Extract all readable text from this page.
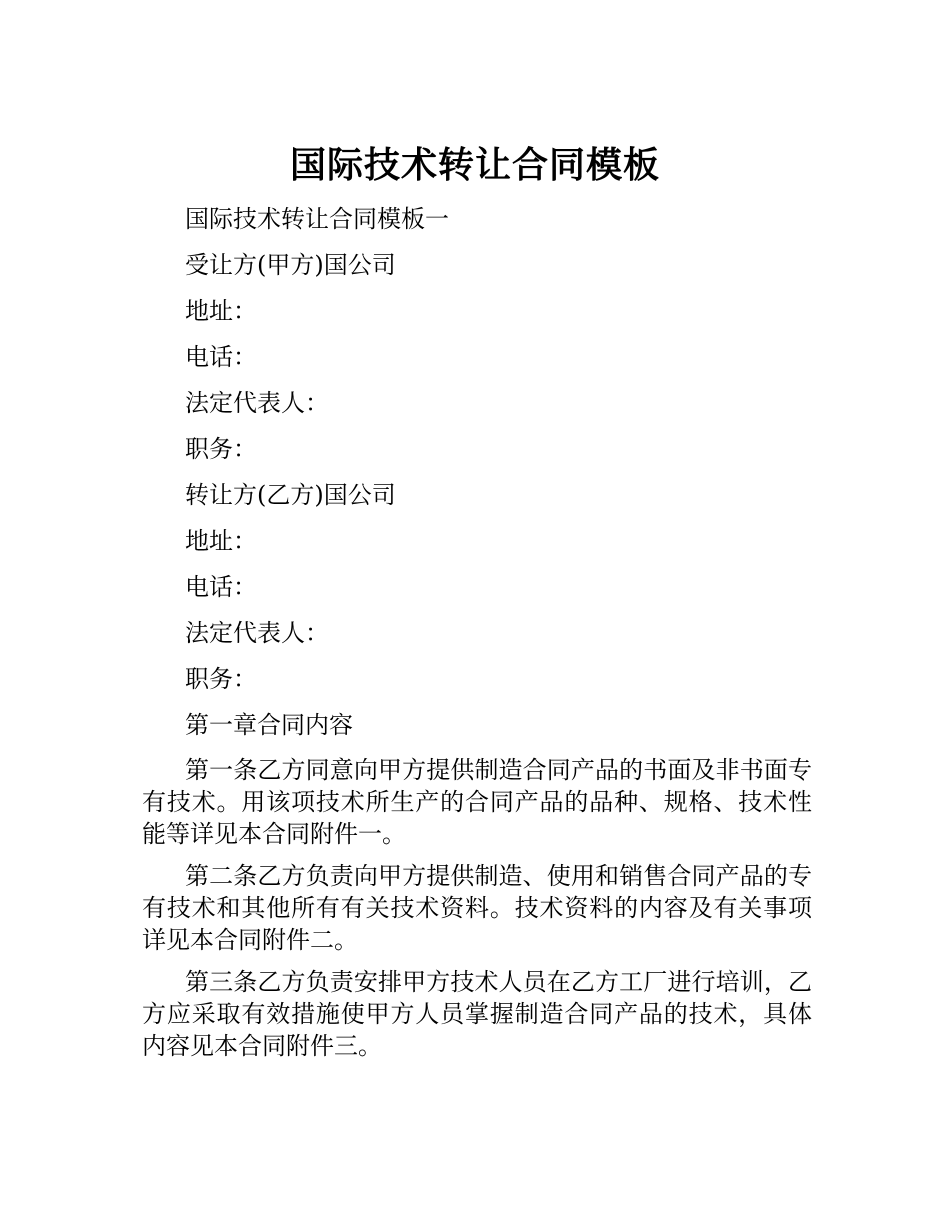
国际技术转让合同模板

国际技术转让合同模板一

受让方(甲方)国公司

地址：

电话：

法定代表人：

职务：

转让方(乙方)国公司

地址：

电话：

法定代表人：

职务：

第一章合同内容

第一条乙方同意向甲方提供制造合同产品的书面及非书面专有技术。用该项技术所生产的合同产品的品种、规格、技术性能等详见本合同附件一。

第二条乙方负责向甲方提供制造、使用和销售合同产品的专有技术和其他所有有关技术资料。技术资料的内容及有关事项详见本合同附件二。

第三条乙方负责安排甲方技术人员在乙方工厂进行培训，乙方应采取有效措施使甲方人员掌握制造合同产品的技术，具体内容见本合同附件三。
